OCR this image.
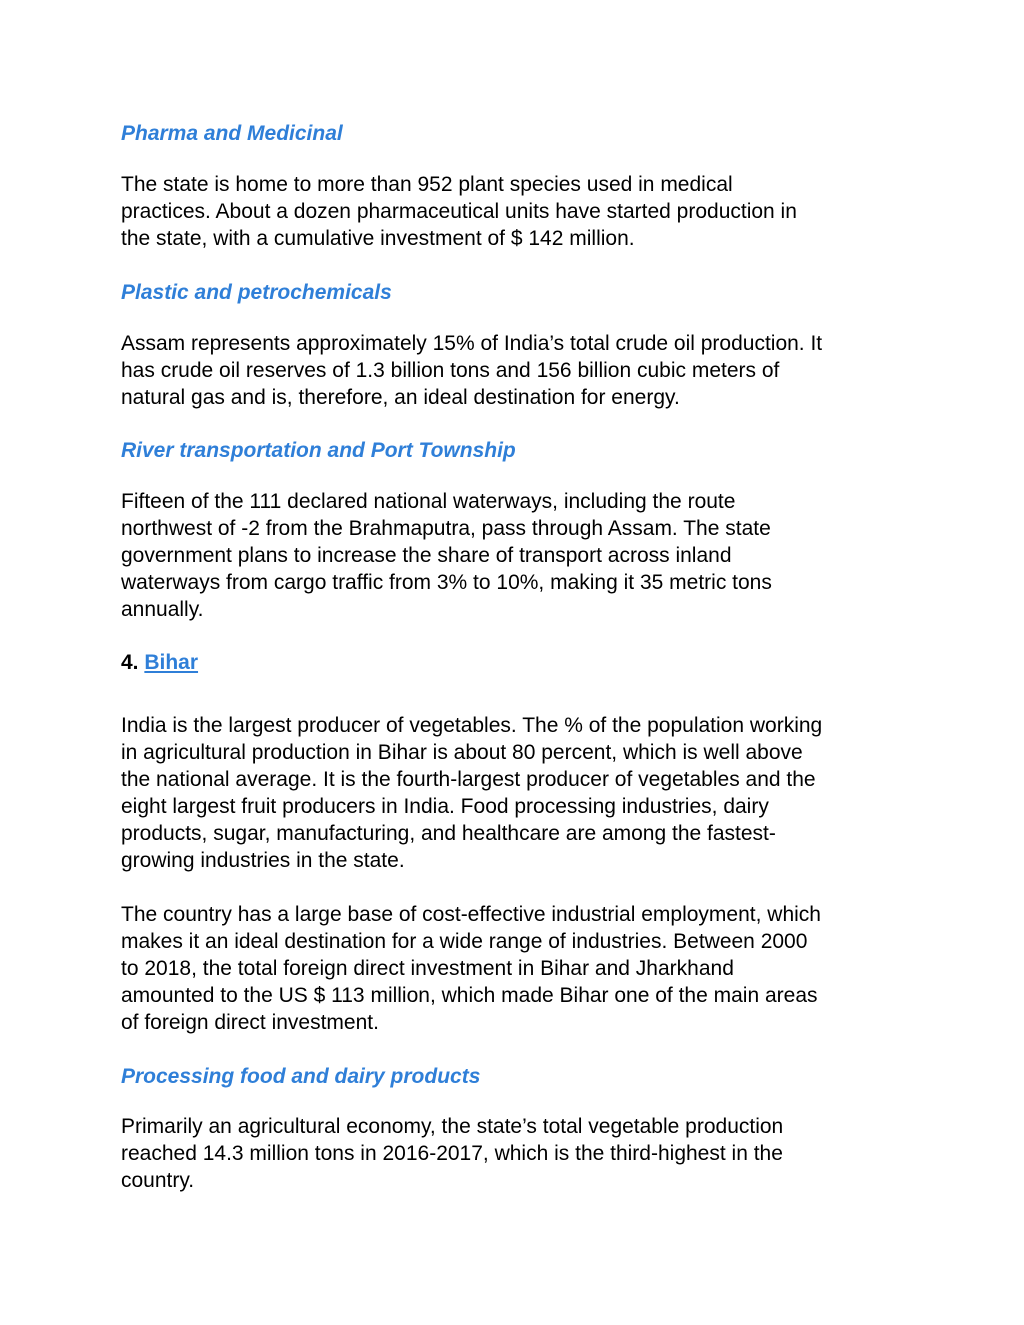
Pharma and Medicinal

The state is home to more than 952 plant species used in medical
practices. About a dozen pharmaceutical units have started production in
the state, with a cumulative investment of $ 142 million.

Plastic and petrochemicals

Assam represents approximately 15% of India’s total crude oil production. It
has crude oil reserves of 1.3 billion tons and 156 billion cubic meters of
natural gas and is, therefore, an ideal destination for energy.

River transportation and Port Township

Fifteen of the 111 declared national waterways, including the route
northwest of -2 from the Brahmaputra, pass through Assam. The state
government plans to increase the share of transport across inland
waterways from cargo traffic from 3% to 10%, making it 35 metric tons
annually.

4. Bihar

India is the largest producer of vegetables. The % of the population working
in agricultural production in Bihar is about 80 percent, which is well above
the national average. It is the fourth-largest producer of vegetables and the
eight largest fruit producers in India. Food processing industries, dairy
products, sugar, manufacturing, and healthcare are among the fastest-
growing industries in the state.

The country has a large base of cost-effective industrial employment, which
makes it an ideal destination for a wide range of industries. Between 2000
to 2018, the total foreign direct investment in Bihar and Jharkhand
amounted to the US $ 113 million, which made Bihar one of the main areas
of foreign direct investment.

Processing food and dairy products

Primarily an agricultural economy, the state’s total vegetable production
reached 14.3 million tons in 2016-2017, which is the third-highest in the
country.
